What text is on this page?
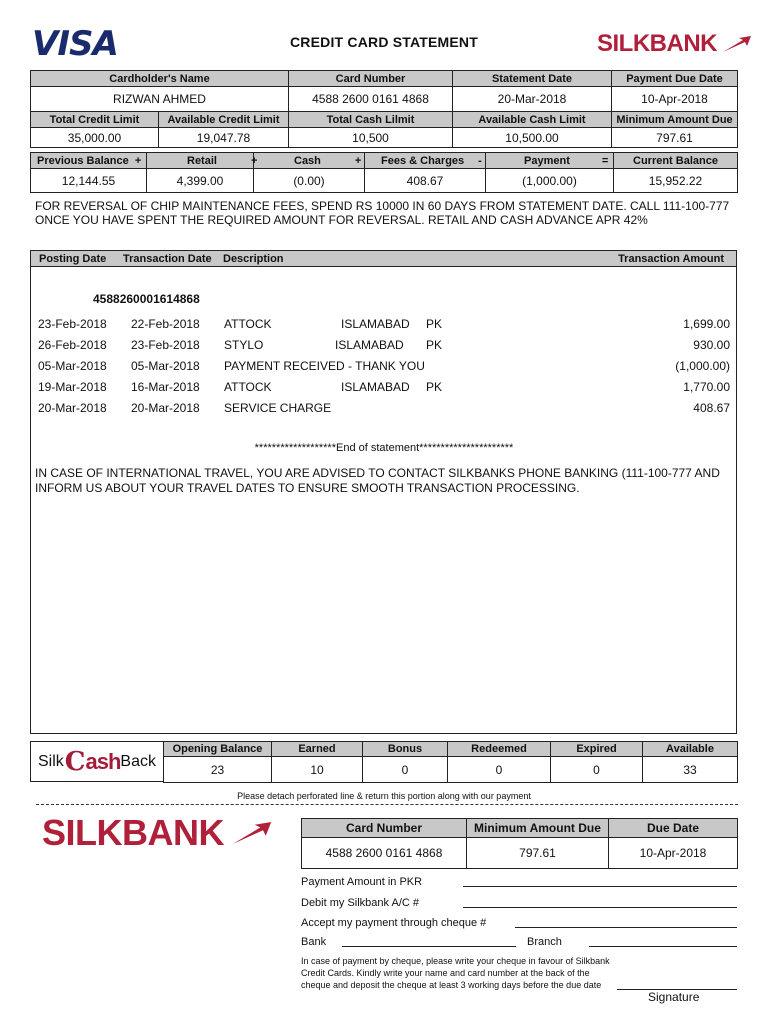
VISA	CREDIT CARD STATEMENT	SILKBANK
Cardholder's Name	Card Number	Statement Date	Payment Due Date
RIZWAN AHMED	4588 2600 0161 4868	20-Mar-2018	10-Apr-2018
Total Credit Limit	Available Credit Limit	Total Cash Lilmit	Available Cash Limit	Minimum Amount Due
35,000.00	19,047.78	10,500	10,500.00	797.61
Previous Balance +	Retail +	Cash +	Fees & Charges -	Payment =	Current Balance
12,144.55	4,399.00	(0.00)	408.67	(1,000.00)	15,952.22
FOR REVERSAL OF CHIP MAINTENANCE FEES, SPEND RS 10000 IN 60 DAYS FROM STATEMENT DATE. CALL 111-100-777 ONCE YOU HAVE SPENT THE REQUIRED AMOUNT FOR REVERSAL. RETAIL AND CASH ADVANCE APR 42%
Posting Date Transaction Date Description	Transaction Amount
4588260001614868
23-Feb-2018 22-Feb-2018 ATTOCK	ISLAMABAD PK	1,699.00
26-Feb-2018 23-Feb-2018 STYLO	ISLAMABAD PK	930.00
05-Mar-2018 05-Mar-2018 PAYMENT RECEIVED - THANK YOU	(1,000.00)
19-Mar-2018 16-Mar-2018 ATTOCK	ISLAMABAD PK	1,770.00
20-Mar-2018 20-Mar-2018 SERVICE CHARGE	408.67
*******************End of statement**********************
IN CASE OF INTERNATIONAL TRAVEL, YOU ARE ADVISED TO CONTACT SILKBANKS PHONE BANKING (111-100-777 AND INFORM US ABOUT YOUR TRAVEL DATES TO ENSURE SMOOTH TRANSACTION PROCESSING.
Silk C ash Back
Opening Balance	Earned	Bonus	Redeemed	Expired	Available
23	10	0	0	0	33
Please detach perforated line & return this portion along with our payment
SILKBANK	Card Number	Minimum Amount Due	Due Date
4588 2600 0161 4868	797.61	10-Apr-2018
Payment Amount in PKR
Debit my Silkbank A/C #
Accept my payment through cheque #
Bank	Branch
In case of payment by cheque, please write your cheque in favour of Silkbank Credit Cards. Kindly write your name and card number at the back of the cheque and deposit the cheque at least 3 working days before the due date
Signature
